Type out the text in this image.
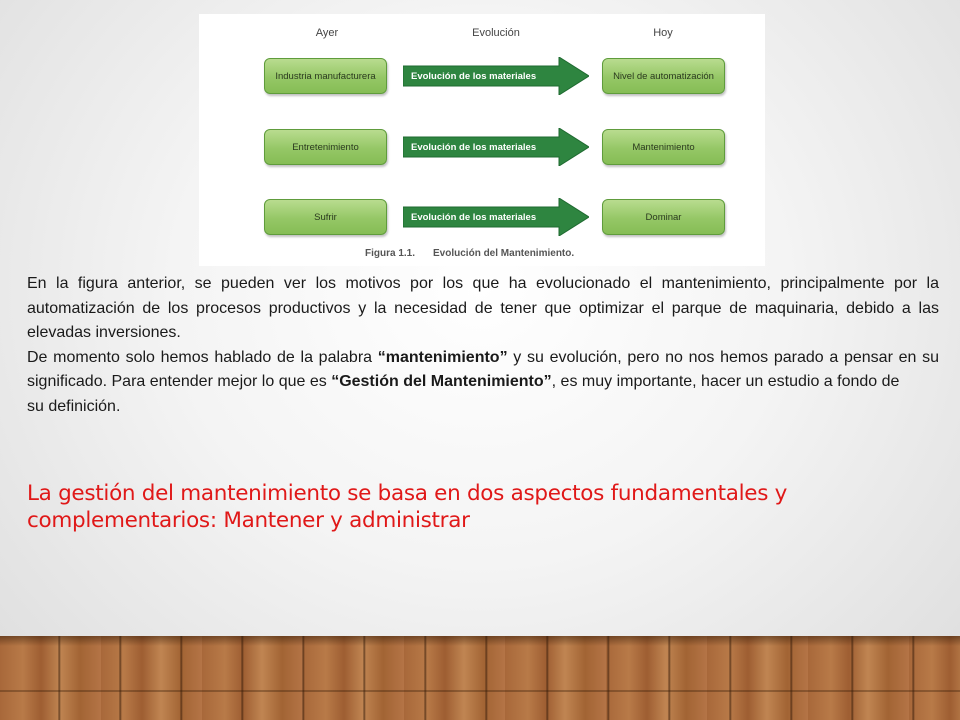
Ayer	Evolución	Hoy
Industria manufacturera	Evolución de los materiales	Nivel de automatización
Entretenimiento	Evolución de los materiales	Mantenimiento
Sufrir	Evolución de los materiales	Dominar
Figura 1.1. Evolución del Mantenimiento.

En la figura anterior, se pueden ver los motivos por los que ha evolucionado el mantenimiento, principalmente por la automatización de los procesos productivos y la necesidad de tener que optimizar el parque de maquinaria, debido a las elevadas inversiones.

De momento solo hemos hablado de la palabra “mantenimiento” y su evolución, pero no nos hemos parado a pensar en su significado. Para entender mejor lo que es “Gestión del Mantenimiento”, es muy importante, hacer un estudio a fondo de

su definición.

La gestión del mantenimiento se basa en dos aspectos fundamentales y complementarios: Mantener y administrar
